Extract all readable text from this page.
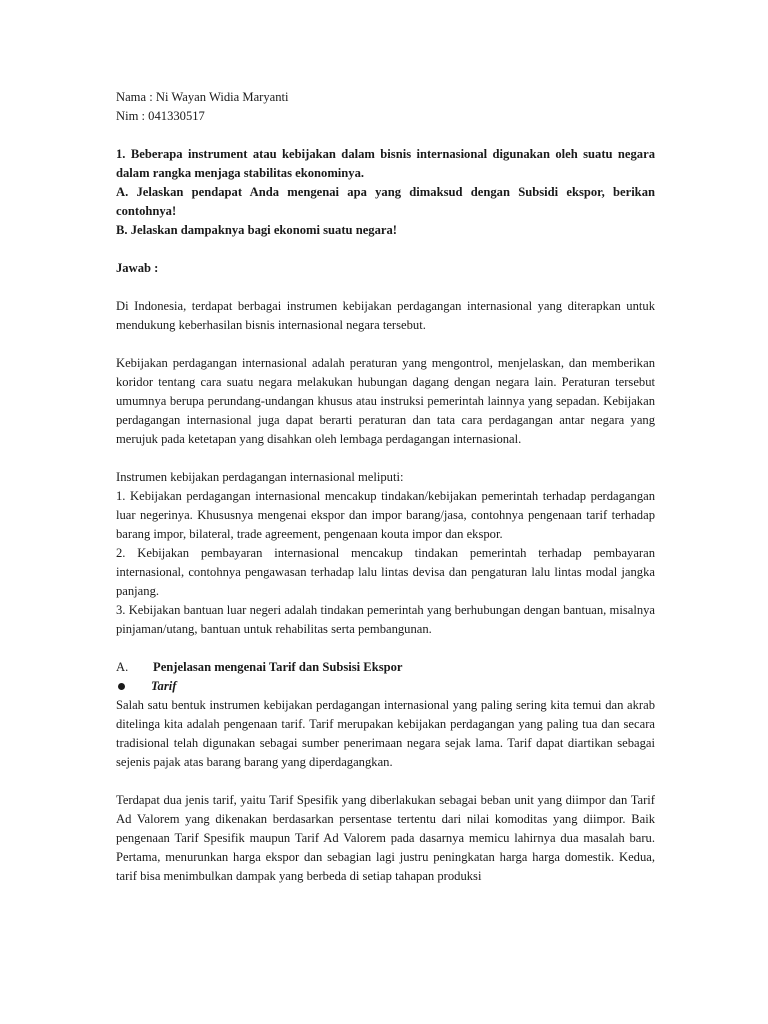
Nama : Ni Wayan Widia Maryanti
Nim : 041330517

1. Beberapa instrument atau kebijakan dalam bisnis internasional digunakan oleh suatu negara dalam rangka menjaga stabilitas ekonominya.

A. Jelaskan pendapat Anda mengenai apa yang dimaksud dengan Subsidi ekspor, berikan contohnya!

B. Jelaskan dampaknya bagi ekonomi suatu negara!

Jawab :

Di Indonesia, terdapat berbagai instrumen kebijakan perdagangan internasional yang diterapkan untuk mendukung keberhasilan bisnis internasional negara tersebut.

Kebijakan perdagangan internasional adalah peraturan yang mengontrol, menjelaskan, dan memberikan koridor tentang cara suatu negara melakukan hubungan dagang dengan negara lain. Peraturan tersebut umumnya berupa perundang-undangan khusus atau instruksi pemerintah lainnya yang sepadan. Kebijakan perdagangan internasional juga dapat berarti peraturan dan tata cara perdagangan antar negara yang merujuk pada ketetapan yang disahkan oleh lembaga perdagangan internasional.

Instrumen kebijakan perdagangan internasional meliputi:

1. Kebijakan perdagangan internasional mencakup tindakan/kebijakan pemerintah terhadap perdagangan luar negerinya. Khususnya mengenai ekspor dan impor barang/jasa, contohnya pengenaan tarif terhadap barang impor, bilateral, trade agreement, pengenaan kouta impor dan ekspor.

2. Kebijakan pembayaran internasional mencakup tindakan pemerintah terhadap pembayaran internasional, contohnya pengawasan terhadap lalu lintas devisa dan pengaturan lalu lintas modal jangka panjang.

3. Kebijakan bantuan luar negeri adalah tindakan pemerintah yang berhubungan dengan bantuan, misalnya pinjaman/utang, bantuan untuk rehabilitas serta pembangunan.

A.	Penjelasan mengenai Tarif dan Subsisi Ekspor
Tarif

Salah satu bentuk instrumen kebijakan perdagangan internasional yang paling sering kita temui dan akrab ditelinga kita adalah pengenaan tarif. Tarif merupakan kebijakan perdagangan yang paling tua dan secara tradisional telah digunakan sebagai sumber penerimaan negara sejak lama. Tarif dapat diartikan sebagai sejenis pajak atas barang barang yang diperdagangkan.

Terdapat dua jenis tarif, yaitu Tarif Spesifik yang diberlakukan sebagai beban unit yang diimpor dan Tarif Ad Valorem yang dikenakan berdasarkan persentase tertentu dari nilai komoditas yang diimpor. Baik pengenaan Tarif Spesifik maupun Tarif Ad Valorem pada dasarnya memicu lahirnya dua masalah baru. Pertama, menurunkan harga ekspor dan sebagian lagi justru peningkatan harga harga domestik. Kedua, tarif bisa menimbulkan dampak yang berbeda di setiap tahapan produksi
